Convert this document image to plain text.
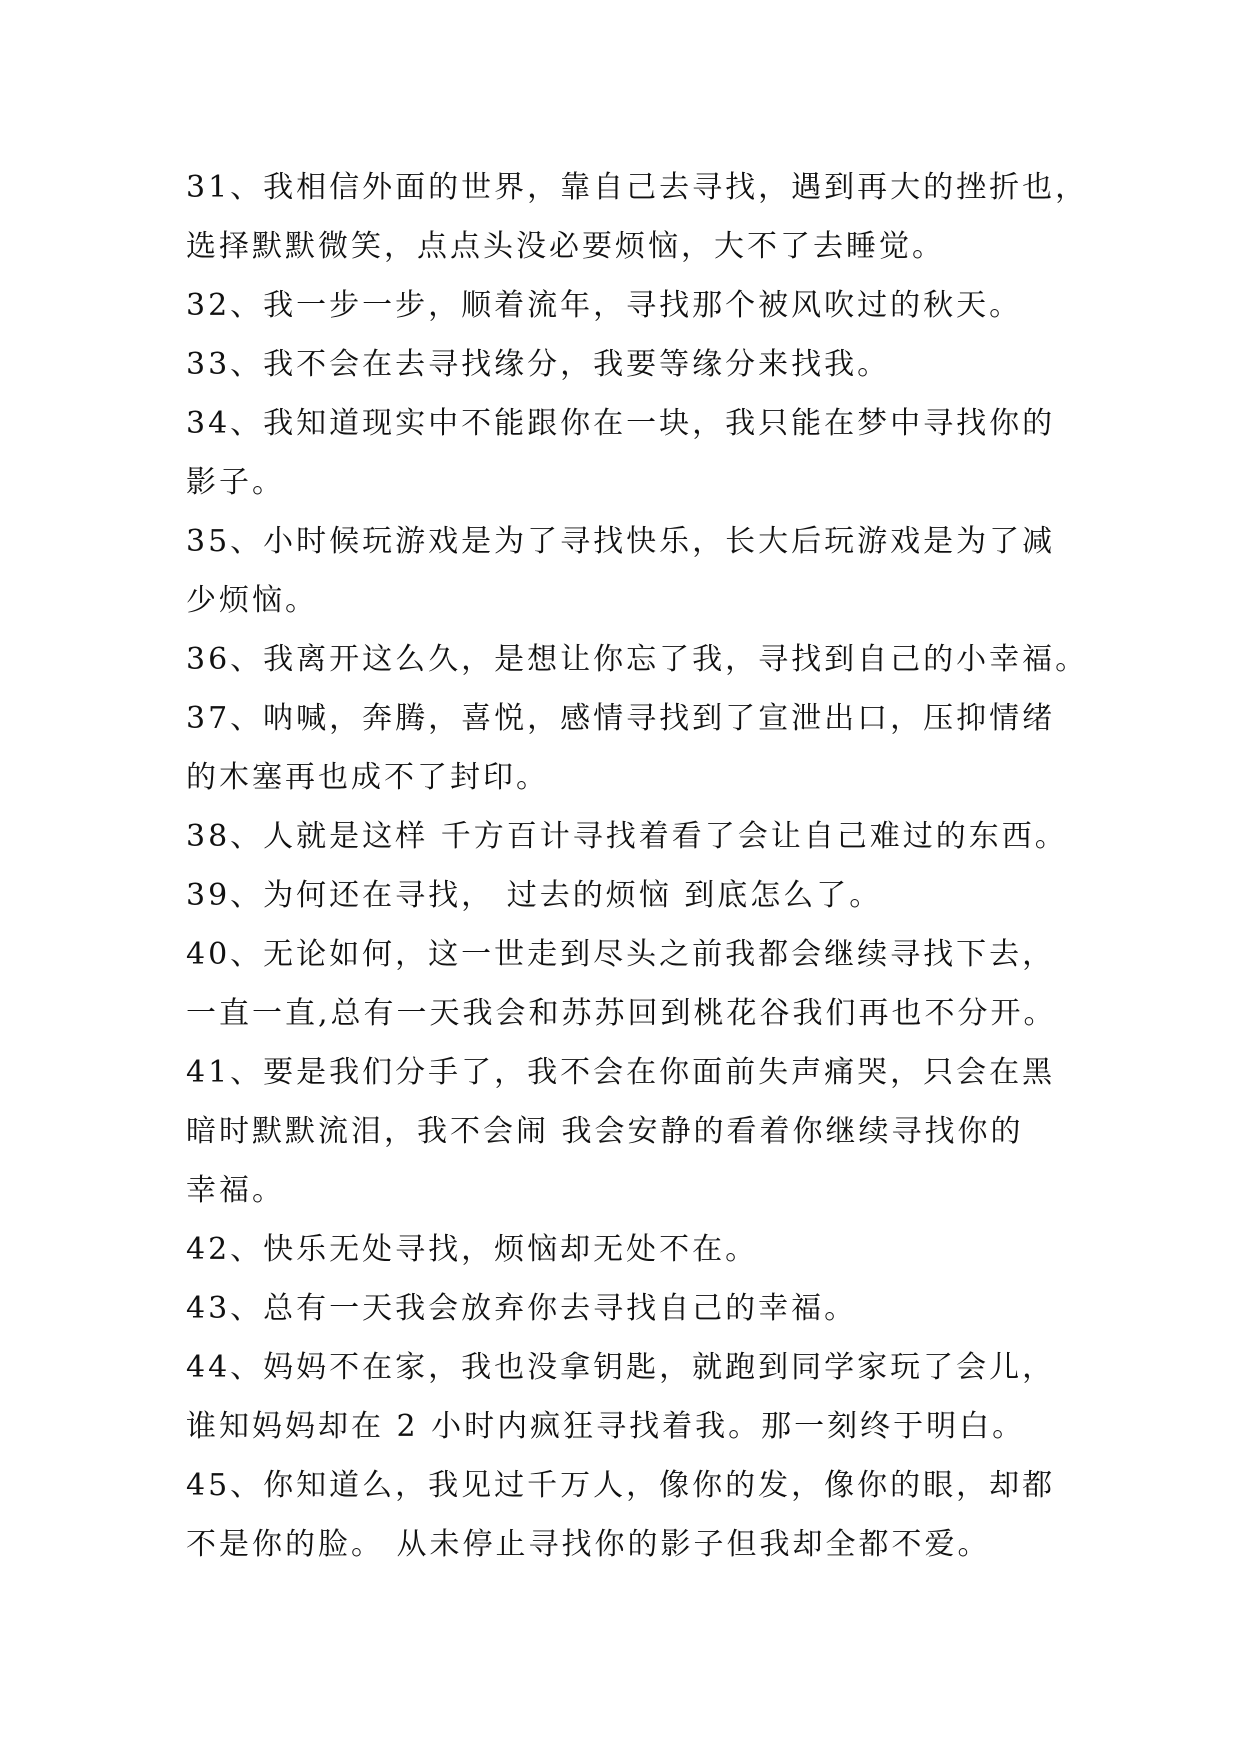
31、我相信外面的世界，靠自己去寻找，遇到再大的挫折也，

选择默默微笑，点点头没必要烦恼，大不了去睡觉。

32、我一步一步，顺着流年，寻找那个被风吹过的秋天。

33、我不会在去寻找缘分，我要等缘分来找我。

34、我知道现实中不能跟你在一块，我只能在梦中寻找你的

影子。

35、小时候玩游戏是为了寻找快乐，长大后玩游戏是为了减

少烦恼。

36、我离开这么久，是想让你忘了我，寻找到自己的小幸福。

37、呐喊，奔腾，喜悦，感情寻找到了宣泄出口，压抑情绪

的木塞再也成不了封印。

38、人就是这样 千方百计寻找着看了会让自己难过的东西。

39、为何还在寻找， 过去的烦恼 到底怎么了。

40、无论如何，这一世走到尽头之前我都会继续寻找下去，

一直一直,总有一天我会和苏苏回到桃花谷我们再也不分开。

41、要是我们分手了，我不会在你面前失声痛哭，只会在黑

暗时默默流泪，我不会闹 我会安静的看着你继续寻找你的

幸福。

42、快乐无处寻找，烦恼却无处不在。

43、总有一天我会放弃你去寻找自己的幸福。

44、妈妈不在家，我也没拿钥匙，就跑到同学家玩了会儿，

谁知妈妈却在 2 小时内疯狂寻找着我。那一刻终于明白。

45、你知道么，我见过千万人，像你的发，像你的眼，却都

不是你的脸。 从未停止寻找你的影子但我却全都不爱。
